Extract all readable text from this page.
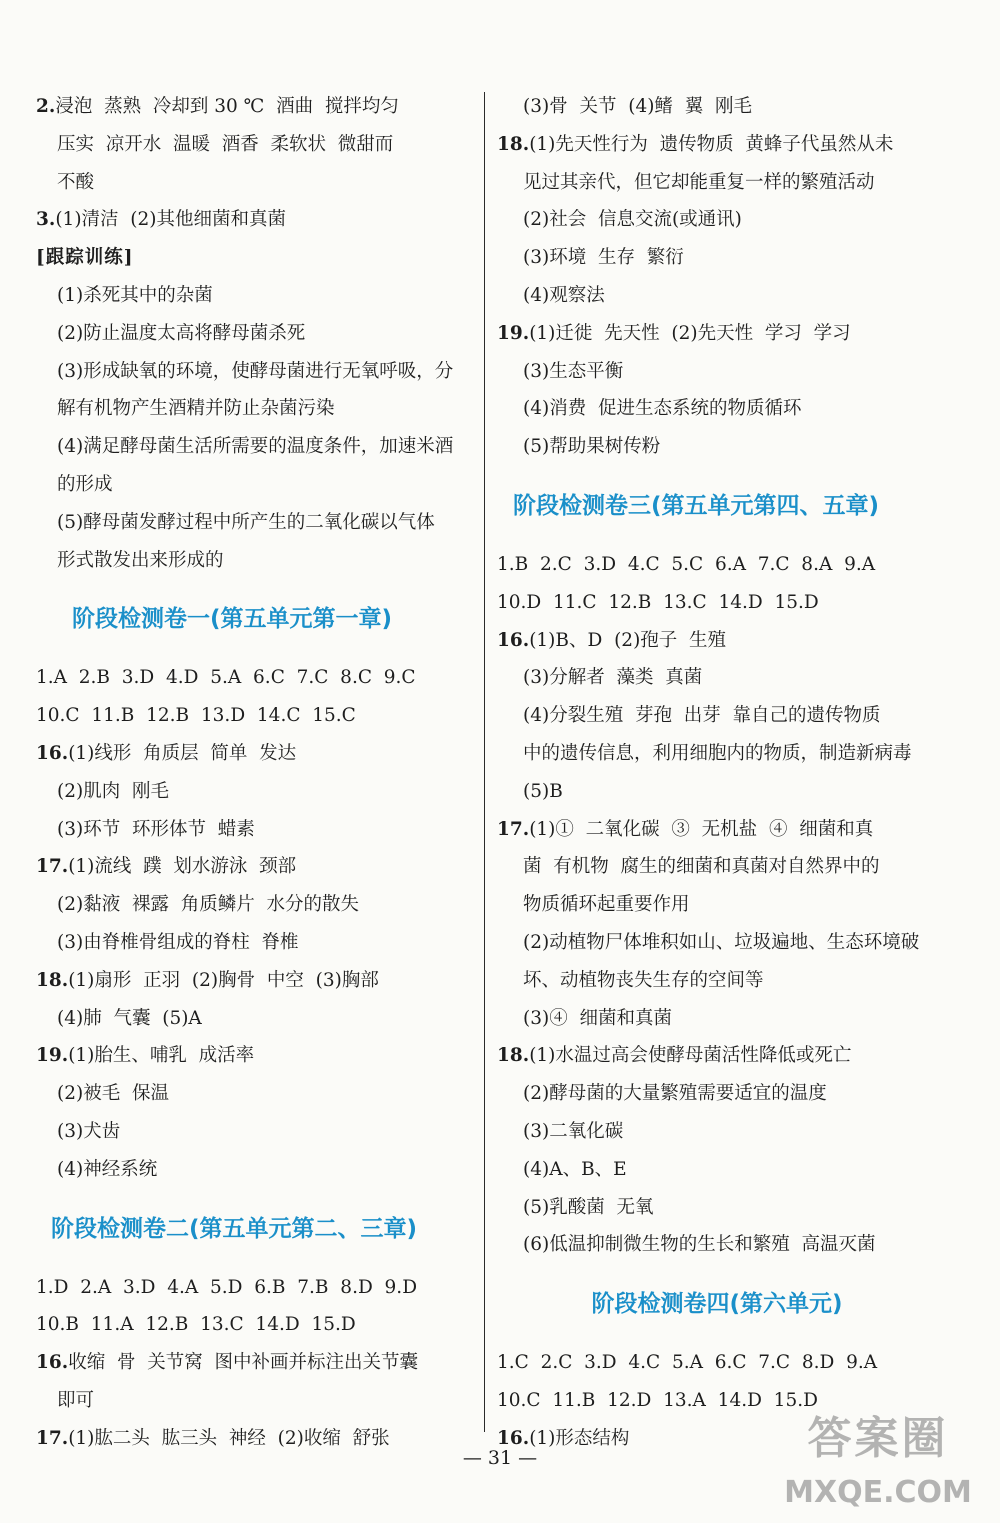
2.浸泡  蒸熟  冷却到 30 ℃  酒曲  搅拌均匀
压实  凉开水  温暖  酒香  柔软状  微甜而
不酸
3.(1)清洁  (2)其他细菌和真菌
[跟踪训练]
(1)杀死其中的杂菌
(2)防止温度太高将酵母菌杀死
(3)形成缺氧的环境，使酵母菌进行无氧呼吸，分
解有机物产生酒精并防止杂菌污染
(4)满足酵母菌生活所需要的温度条件，加速米酒
的形成
(5)酵母菌发酵过程中所产生的二氧化碳以气体
形式散发出来形成的
阶段检测卷一(第五单元第一章)
1.A  2.B  3.D  4.D  5.A  6.C  7.C  8.C  9.C
10.C  11.B  12.B  13.D  14.C  15.C
16.(1)线形  角质层  简单  发达
(2)肌肉  刚毛
(3)环节  环形体节  蜡素
17.(1)流线  蹼  划水游泳  颈部
(2)黏液  裸露  角质鳞片  水分的散失
(3)由脊椎骨组成的脊柱  脊椎
18.(1)扇形  正羽  (2)胸骨  中空  (3)胸部
(4)肺  气囊  (5)A
19.(1)胎生、哺乳  成活率
(2)被毛  保温
(3)犬齿
(4)神经系统
阶段检测卷二(第五单元第二、三章)
1.D  2.A  3.D  4.A  5.D  6.B  7.B  8.D  9.D
10.B  11.A  12.B  13.C  14.D  15.D
16.收缩  骨  关节窝  图中补画并标注出关节囊
即可
17.(1)肱二头  肱三头  神经  (2)收缩  舒张
(3)骨  关节  (4)鳍  翼  刚毛
18.(1)先天性行为  遗传物质  黄蜂子代虽然从未
见过其亲代，但它却能重复一样的繁殖活动
(2)社会  信息交流(或通讯)
(3)环境  生存  繁衍
(4)观察法
19.(1)迁徙  先天性  (2)先天性  学习  学习
(3)生态平衡
(4)消费  促进生态系统的物质循环
(5)帮助果树传粉
阶段检测卷三(第五单元第四、五章)
1.B  2.C  3.D  4.C  5.C  6.A  7.C  8.A  9.A
10.D  11.C  12.B  13.C  14.D  15.D
16.(1)B、D  (2)孢子  生殖
(3)分解者  藻类  真菌
(4)分裂生殖  芽孢  出芽  靠自己的遗传物质
中的遗传信息，利用细胞内的物质，制造新病毒
(5)B
17.(1)①  二氧化碳  ③  无机盐  ④  细菌和真
菌  有机物  腐生的细菌和真菌对自然界中的
物质循环起重要作用
(2)动植物尸体堆积如山、垃圾遍地、生态环境破
坏、动植物丧失生存的空间等
(3)④  细菌和真菌
18.(1)水温过高会使酵母菌活性降低或死亡
(2)酵母菌的大量繁殖需要适宜的温度
(3)二氧化碳
(4)A、B、E
(5)乳酸菌  无氧
(6)低温抑制微生物的生长和繁殖  高温灭菌
阶段检测卷四(第六单元)
1.C  2.C  3.D  4.C  5.A  6.C  7.C  8.D  9.A
10.C  11.B  12.D  13.A  14.D  15.D
16.(1)形态结构
— 31 —	答案圈
MXQE.COM
